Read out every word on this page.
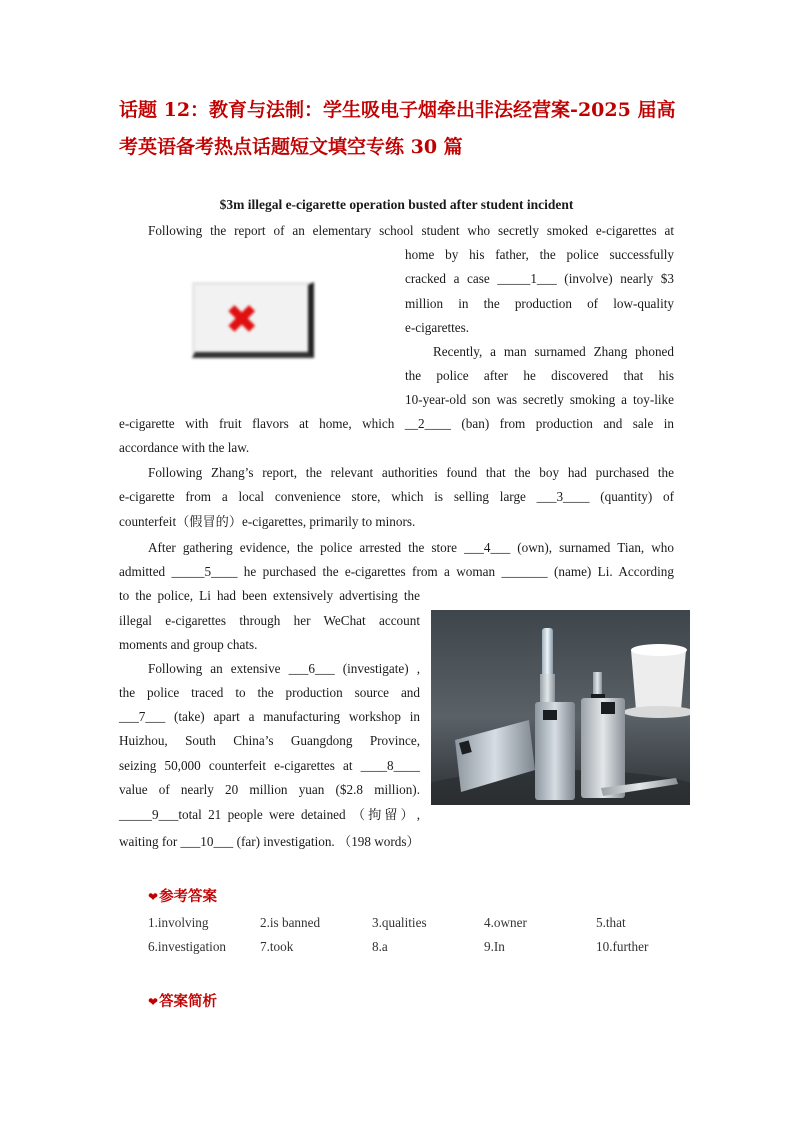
话题 12：教育与法制：学生吸电子烟牵出非法经营案-2025 届高
考英语备考热点话题短文填空专练 30 篇
$3m illegal e-cigarette operation busted after student incident
✖
Following the report of an elementary school student who secretly smoked e-cigarettes at
home by his father, the police successfully
cracked a case _____1___ (involve) nearly $3
million in the production of low-quality
e-cigarettes.
Recently, a man surnamed Zhang phoned
the police after he discovered that his
10-year-old son was secretly smoking a toy-like
e-cigarette with fruit flavors at home, which __2____ (ban) from production and sale in
accordance with the law.
Following Zhang’s report, the relevant authorities found that the boy had purchased the
e-cigarette from a local convenience store, which is selling large ___3____ (quantity) of
counterfeit（假冒的）e-cigarettes, primarily to minors.
After gathering evidence, the police arrested the store ___4___ (own), surnamed Tian, who
admitted _____5____ he purchased the e-cigarettes from a woman _______ (name) Li. According
to the police, Li had been extensively advertising the
illegal e-cigarettes through her WeChat account
moments and group chats.
Following an extensive ___6___ (investigate) ,
the police traced to the production source and
___7___ (take) apart a manufacturing workshop in
Huizhou, South China’s Guangdong Province,
seizing 50,000 counterfeit e-cigarettes at ____8____
value of nearly 20 million yuan ($2.8 million).
_____9___total 21 people were detained （拘留）,
waiting for ___10___ (far) investigation. （198 words）
❤参考答案
1.involving	2.is banned	3.qualities	4.owner	5.that
6.investigation	7.took	8.a	9.In	10.further
❤答案简析
